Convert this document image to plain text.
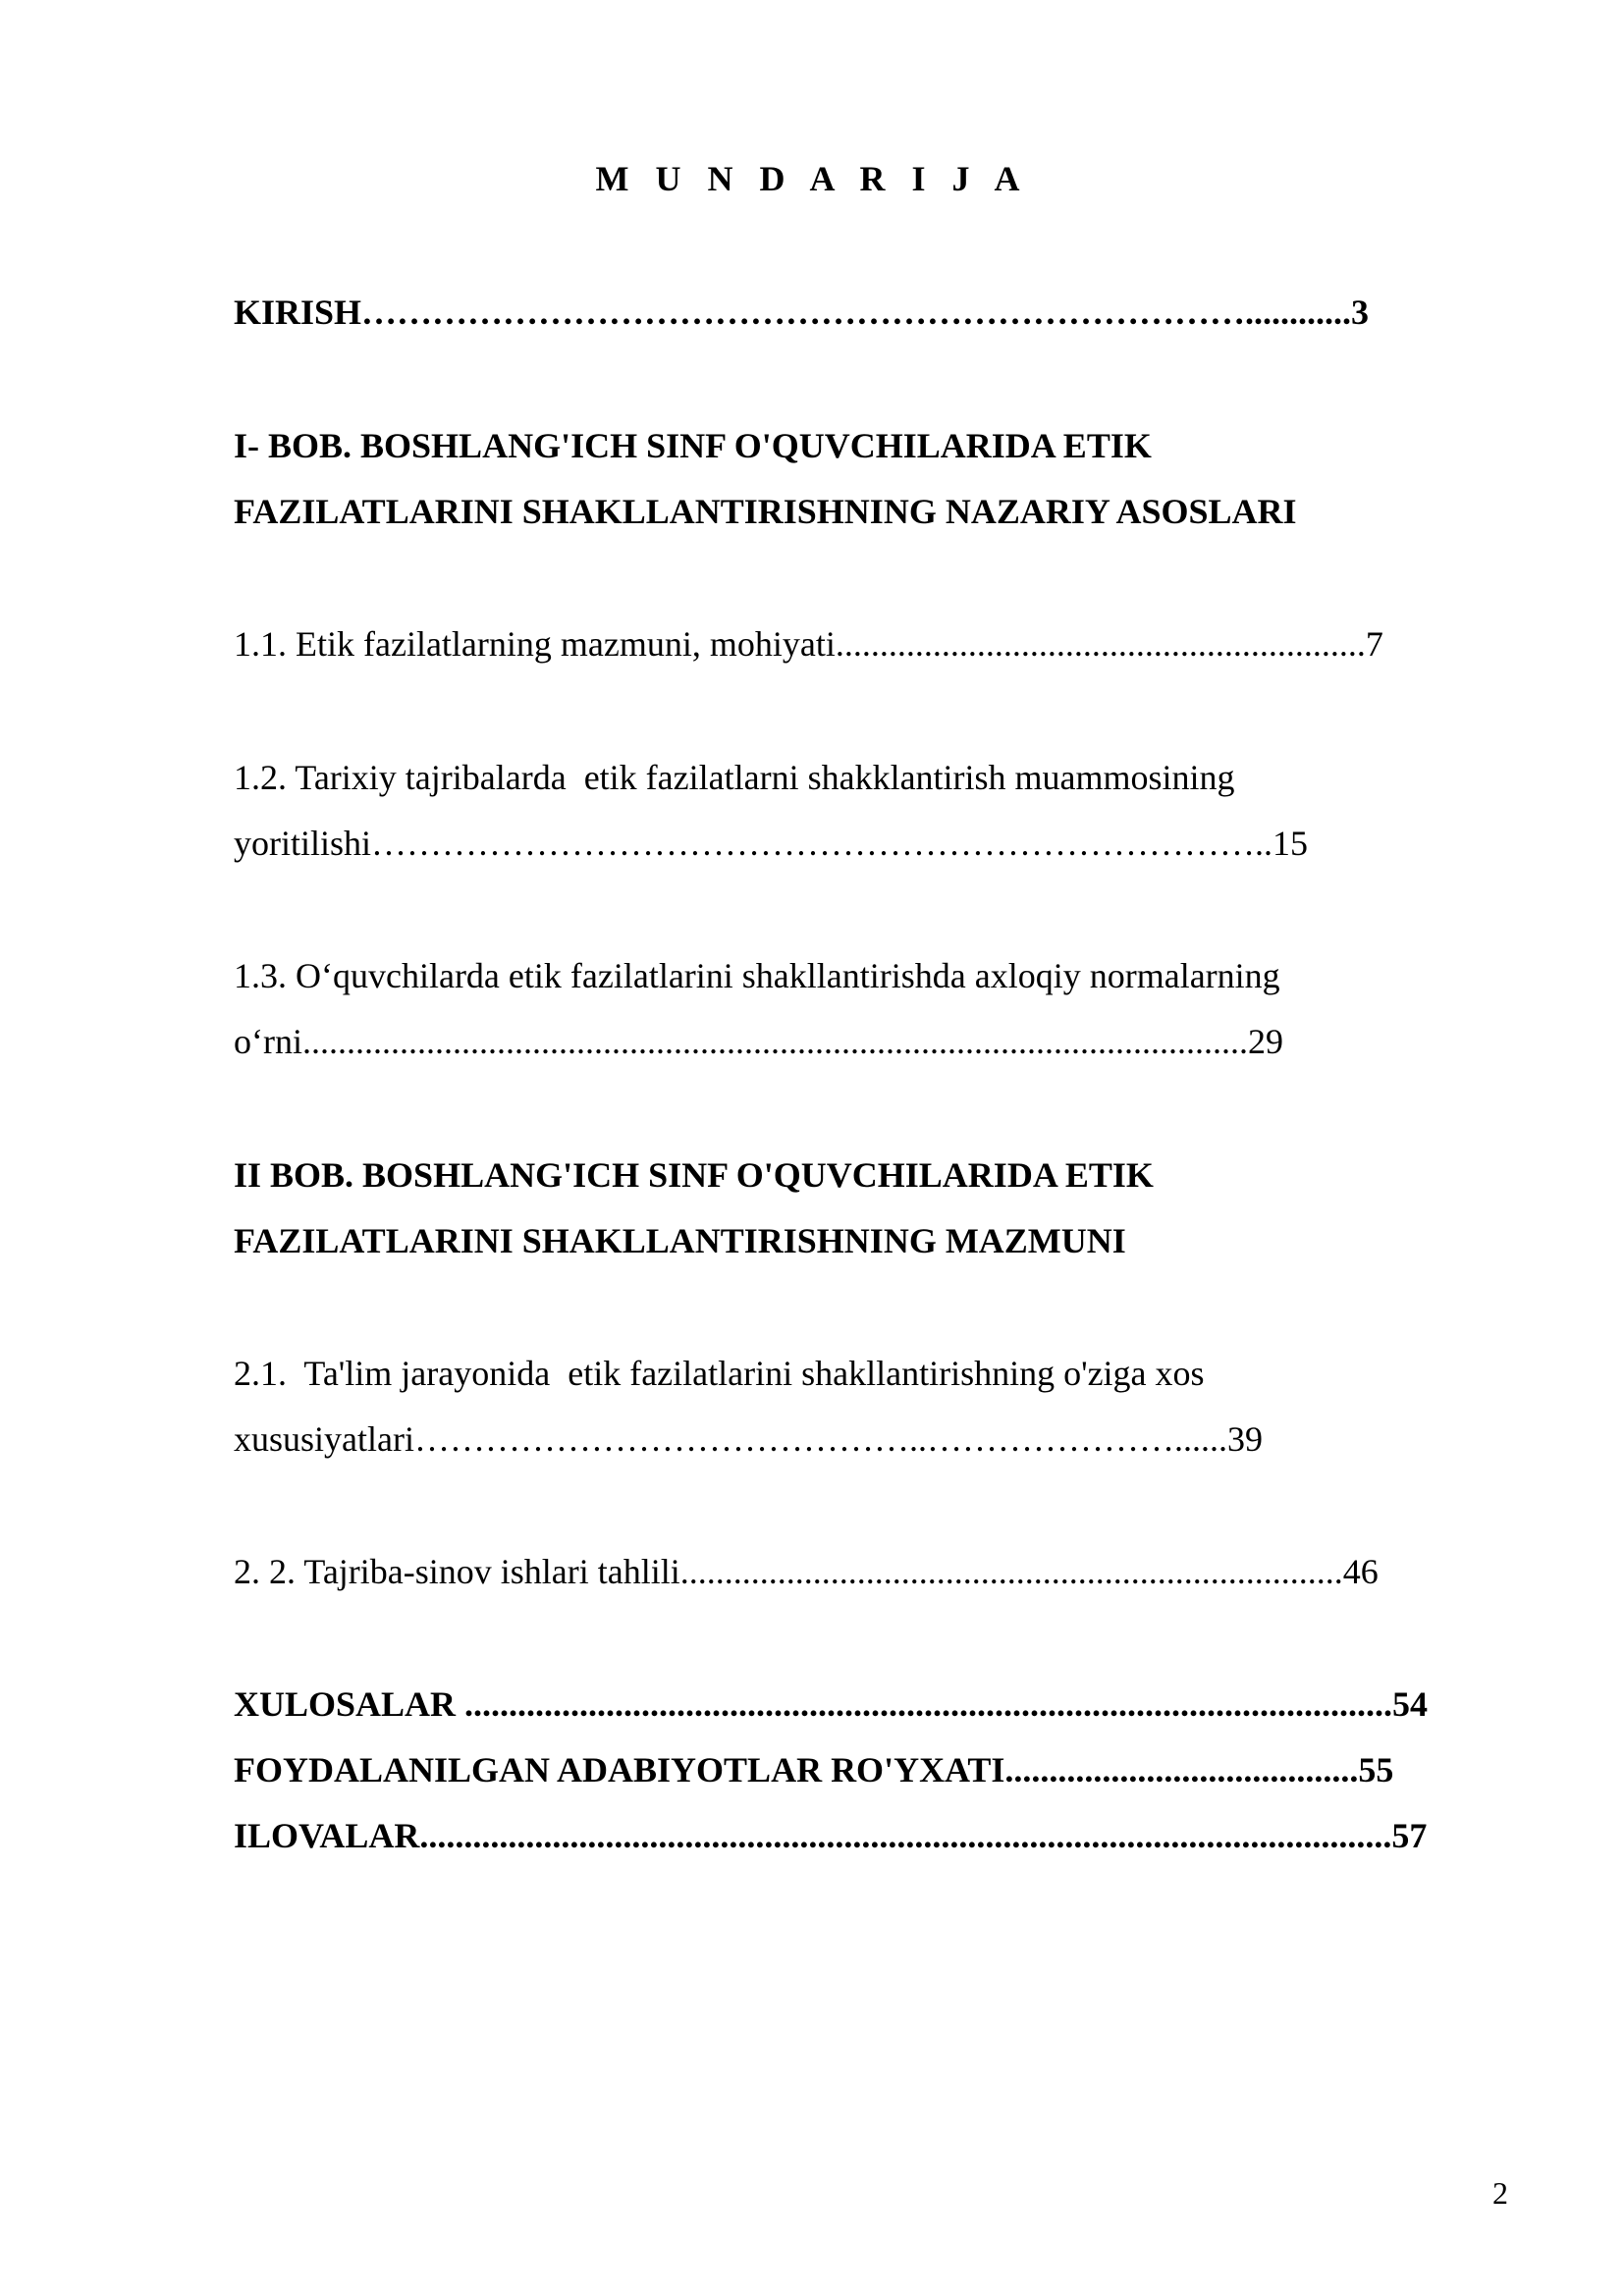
M U N D A R I J A
KIRISH…………………………………………………………………............3
I- BOB. BOSHLANG'ICH SINF O'QUVCHILARIDA ETIK
FAZILATLARINI SHAKLLANTIRISHNING NAZARIY ASOSLARI
1.1. Etik fazilatlarning mazmuni, mohiyati............................................................7
1.2. Tarixiy tajribalarda  etik fazilatlarni shakklantirish muammosining
yoritilishi…………………………………………………………………..15
1.3. O‘quvchilarda etik fazilatlarini shakllantirishda axloqiy normalarning
o‘rni...........................................................................................................29
II BOB. BOSHLANG'ICH SINF O'QUVCHILARIDA ETIK
FAZILATLARINI SHAKLLANTIRISHNING MAZMUNI
2.1.  Ta'lim jarayonida  etik fazilatlarini shakllantirishning o'ziga xos
xususiyatlari……………………………………..…………………......39
2. 2. Tajriba-sinov ishlari tahlili...........................................................................46
XULOSALAR .........................................................................................................54
FOYDALANILGAN ADABIYOTLAR RO'YXATI........................................55
ILOVALAR..............................................................................................................57
2
